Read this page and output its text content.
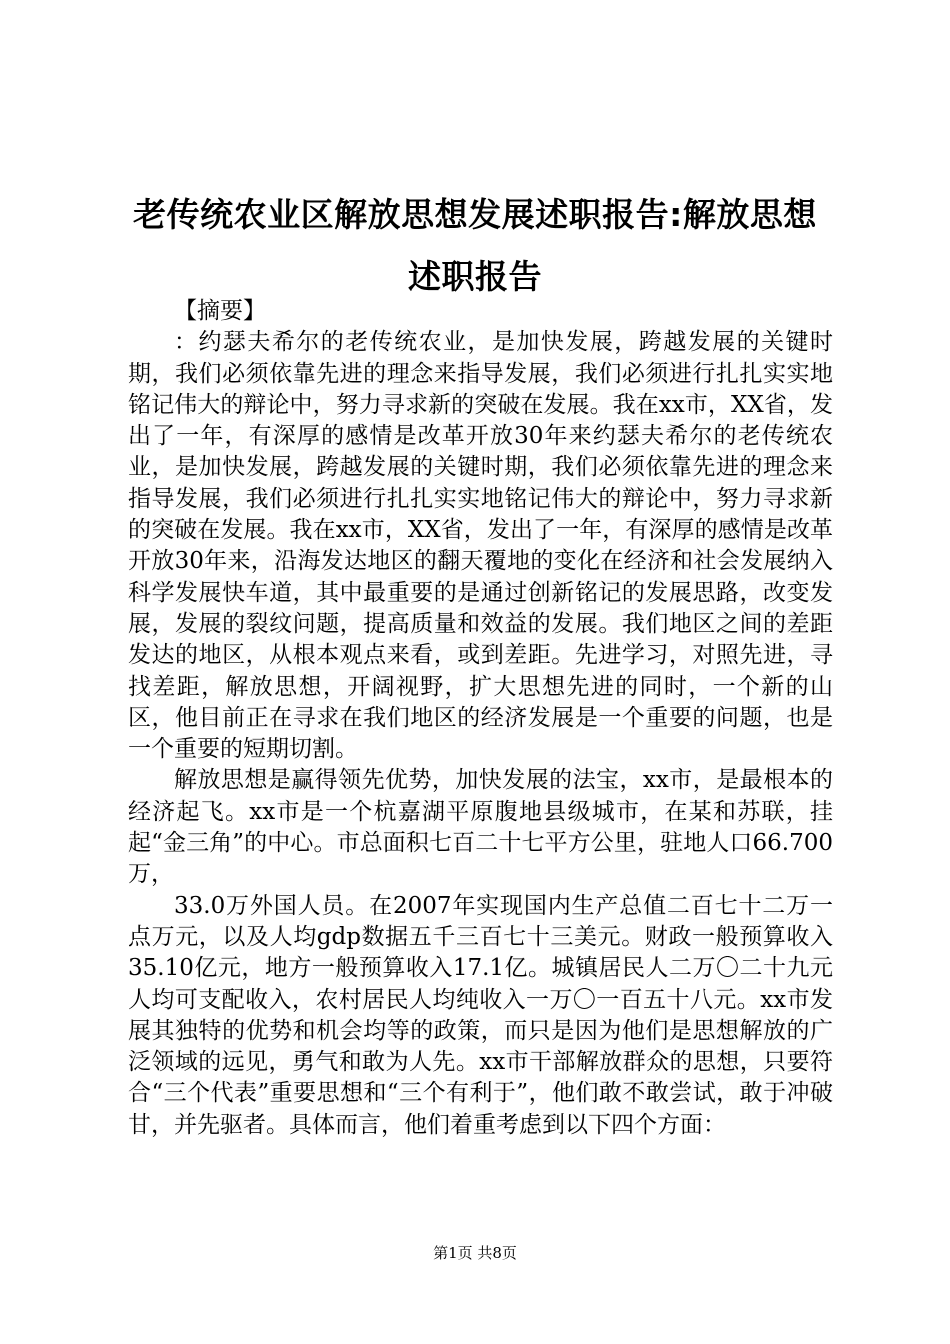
老传统农业区解放思想发展述职报告:解放思想述职报告

【摘要】

：约瑟夫希尔的老传统农业，是加快发展，跨越发展的关键时期，我们必须依靠先进的理念来指导发展，我们必须进行扎扎实实地铭记伟大的辩论中，努力寻求新的突破在发展。我在xx市，XX省，发出了一年，有深厚的感情是改革开放30年来约瑟夫希尔的老传统农业，是加快发展，跨越发展的关键时期，我们必须依靠先进的理念来指导发展，我们必须进行扎扎实实地铭记伟大的辩论中，努力寻求新的突破在发展。我在xx市，XX省，发出了一年，有深厚的感情是改革开放30年来，沿海发达地区的翻天覆地的变化在经济和社会发展纳入科学发展快车道，其中最重要的是通过创新铭记的发展思路，改变发展，发展的裂纹问题，提高质量和效益的发展。我们地区之间的差距发达的地区，从根本观点来看，或到差距。先进学习，对照先进，寻找差距，解放思想，开阔视野，扩大思想先进的同时，一个新的山区，他目前正在寻求在我们地区的经济发展是一个重要的问题，也是一个重要的短期切割。

解放思想是赢得领先优势，加快发展的法宝，xx市，是最根本的经济起飞。xx市是一个杭嘉湖平原腹地县级城市，在某和苏联，挂起“金三角”的中心。市总面积七百二十七平方公里，驻地人口66.700万，

33.0万外国人员。在2007年实现国内生产总值二百七十二万一点万元，以及人均gdp数据五千三百七十三美元。财政一般预算收入35.10亿元，地方一般预算收入17.1亿。城镇居民人二万〇二十九元人均可支配收入，农村居民人均纯收入一万〇一百五十八元。xx市发展其独特的优势和机会均等的政策，而只是因为他们是思想解放的广泛领域的远见，勇气和敢为人先。xx市干部解放群众的思想，只要符合“三个代表”重要思想和“三个有利于”，他们敢不敢尝试，敢于冲破甘，并先驱者。具体而言，他们着重考虑到以下四个方面：

第1页 共8页
